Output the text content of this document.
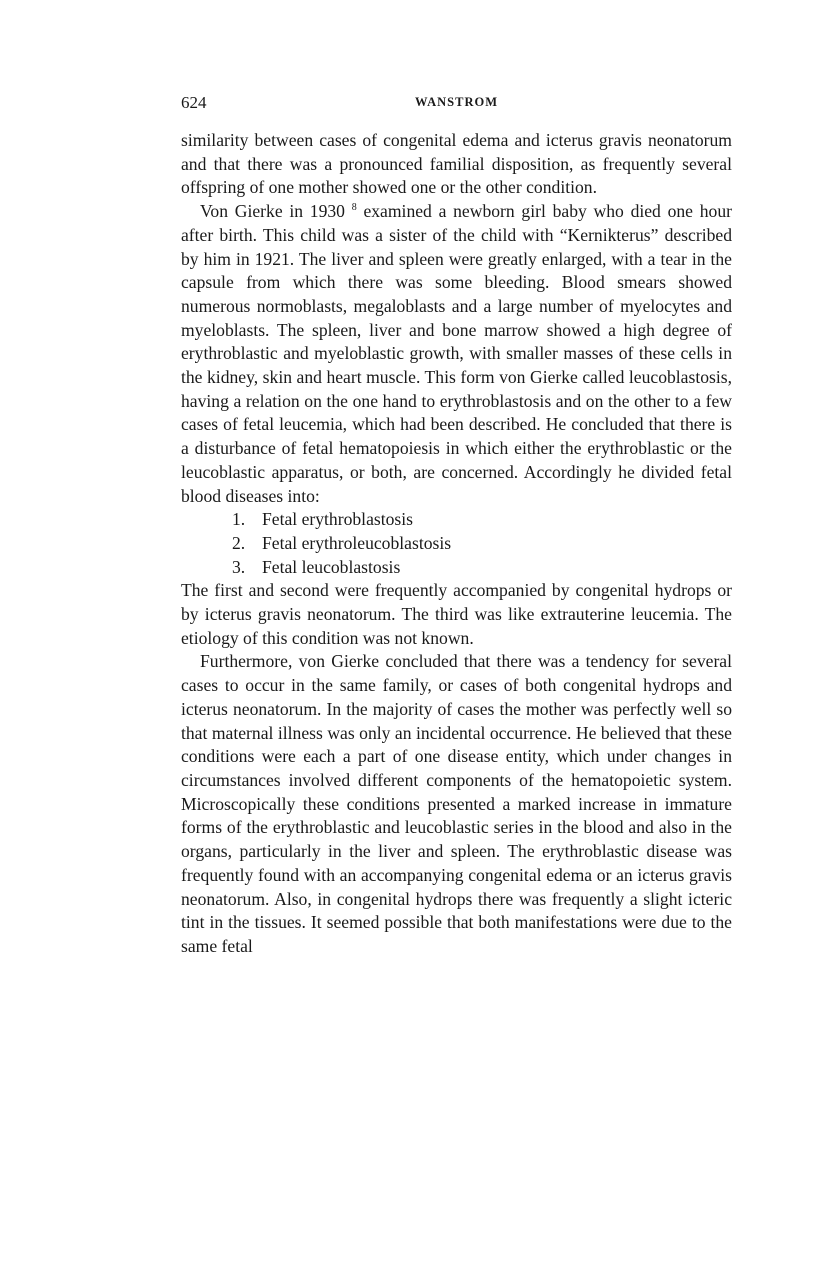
624	WANSTROM

similarity between cases of congenital edema and icterus gravis neonatorum and that there was a pronounced familial disposition, as frequently several offspring of one mother showed one or the other condition.

Von Gierke in 1930 $^8$ examined a newborn girl baby who died one hour after birth. This child was a sister of the child with “Kernikterus” described by him in 1921. The liver and spleen were greatly enlarged, with a tear in the capsule from which there was some bleeding. Blood smears showed numerous normoblasts, megaloblasts and a large number of myelocytes and myeloblasts. The spleen, liver and bone marrow showed a high degree of erythroblastic and myeloblastic growth, with smaller masses of these cells in the kidney, skin and heart muscle. This form von Gierke called leucoblastosis, having a relation on the one hand to erythroblastosis and on the other to a few cases of fetal leucemia, which had been described. He concluded that there is a disturbance of fetal hematopoiesis in which either the erythroblastic or the leucoblastic apparatus, or both, are concerned. Accordingly he divided fetal blood diseases into:

1. Fetal erythroblastosis
2. Fetal erythroleucoblastosis
3. Fetal leucoblastosis

The first and second were frequently accompanied by congenital hydrops or by icterus gravis neonatorum. The third was like extrauterine leucemia. The etiology of this condition was not known.

Furthermore, von Gierke concluded that there was a tendency for several cases to occur in the same family, or cases of both congenital hydrops and icterus neonatorum. In the majority of cases the mother was perfectly well so that maternal illness was only an incidental occurrence. He believed that these conditions were each a part of one disease entity, which under changes in circumstances involved different components of the hematopoietic system. Microscopically these conditions presented a marked increase in immature forms of the erythroblastic and leucoblastic series in the blood and also in the organs, particularly in the liver and spleen. The erythroblastic disease was frequently found with an accompanying congenital edema or an icterus gravis neonatorum. Also, in congenital hydrops there was frequently a slight icteric tint in the tissues. It seemed possible that both manifestations were due to the same fetal
